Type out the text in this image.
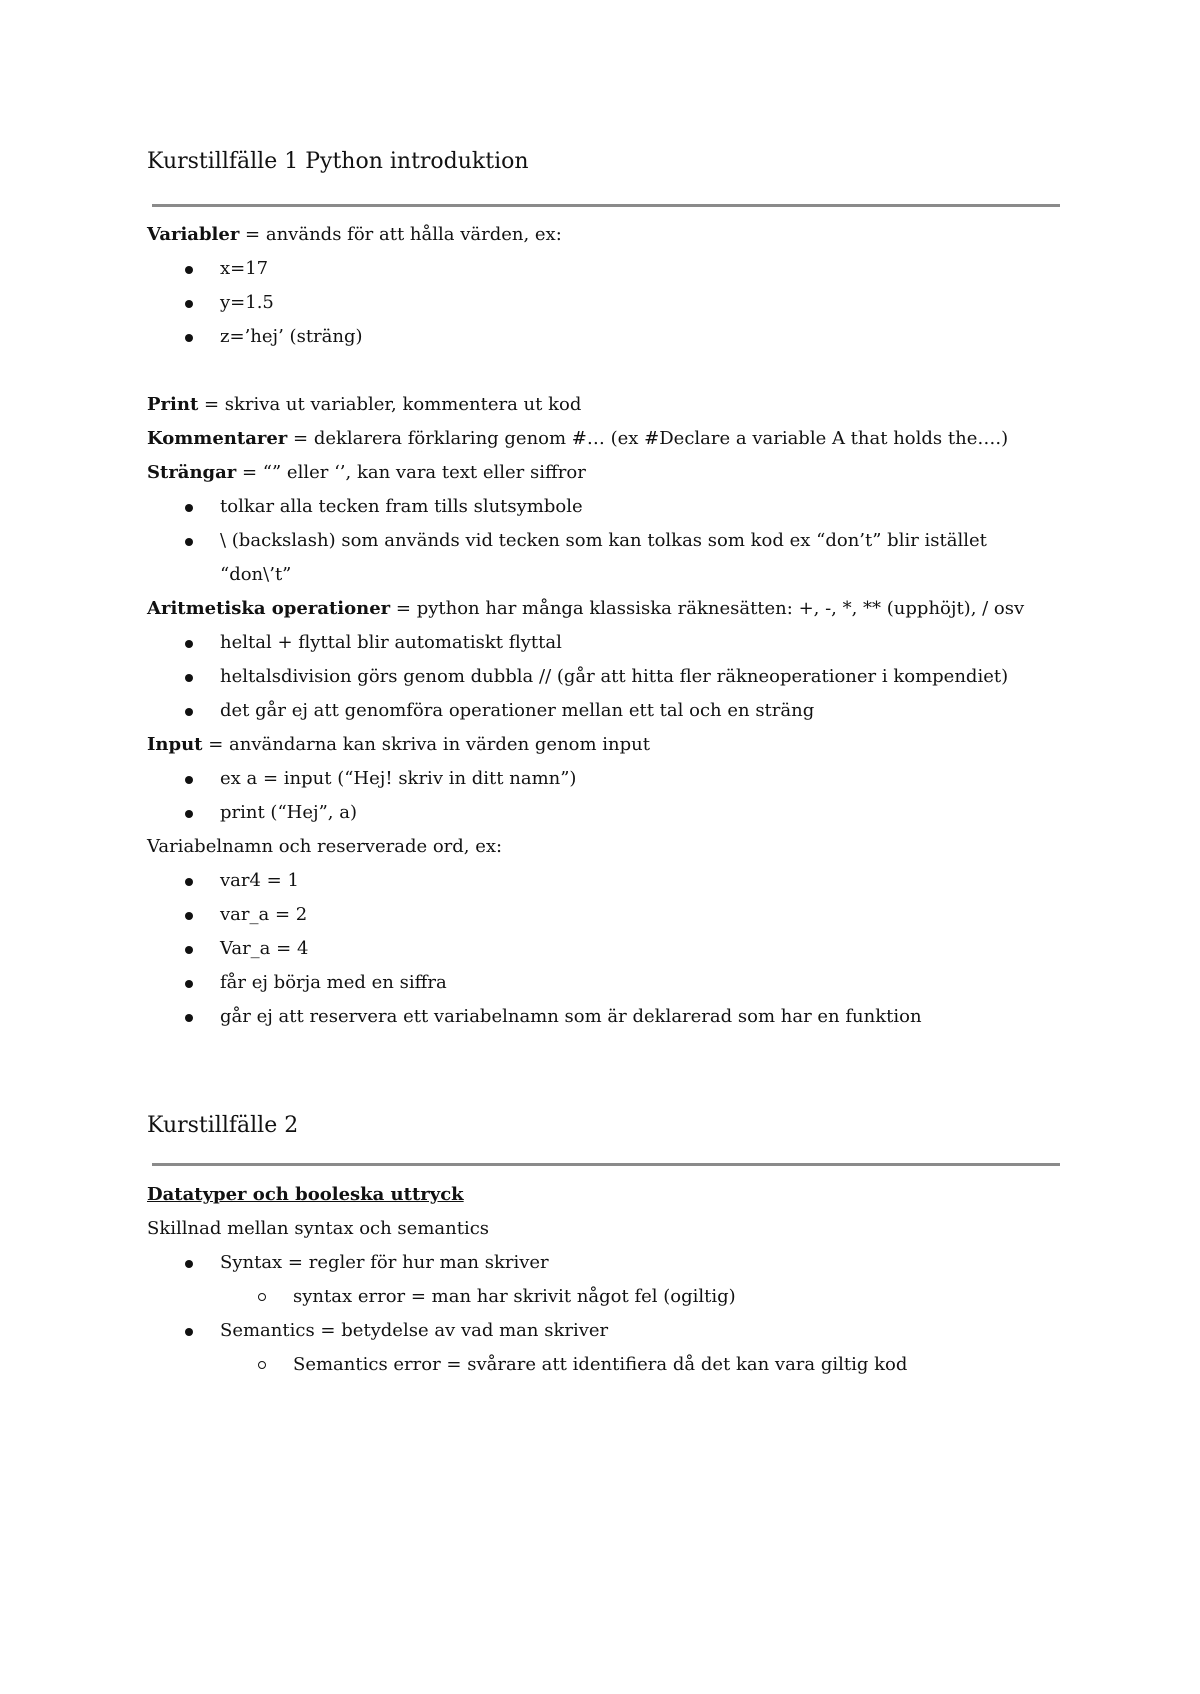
Kurstillfälle 1 Python introduktion
Variabler = används för att hålla värden, ex:
x=17
y=1.5
z=’hej’ (sträng)
Print = skriva ut variabler, kommentera ut kod
Kommentarer = deklarera förklaring genom #… (ex #Declare a variable A that holds the….)
Strängar = “” eller ‘’, kan vara text eller siffror
tolkar alla tecken fram tills slutsymbole
\ (backslash) som används vid tecken som kan tolkas som kod ex “don’t” blir istället
“don\’t”
Aritmetiska operationer = python har många klassiska räknesätten: +, -, *, ** (upphöjt), / osv
heltal + flyttal blir automatiskt flyttal
heltalsdivision görs genom dubbla // (går att hitta fler räkneoperationer i kompendiet)
det går ej att genomföra operationer mellan ett tal och en sträng
Input = användarna kan skriva in värden genom input
ex a = input (“Hej! skriv in ditt namn”)
print (“Hej”, a)
Variabelnamn och reserverade ord, ex:
var4 = 1
var_a = 2
Var_a = 4
får ej börja med en siffra
går ej att reservera ett variabelnamn som är deklarerad som har en funktion
Kurstillfälle 2
Datatyper och booleska uttryck
Skillnad mellan syntax och semantics
Syntax = regler för hur man skriver
syntax error = man har skrivit något fel (ogiltig)
Semantics = betydelse av vad man skriver
Semantics error = svårare att identifiera då det kan vara giltig kod
